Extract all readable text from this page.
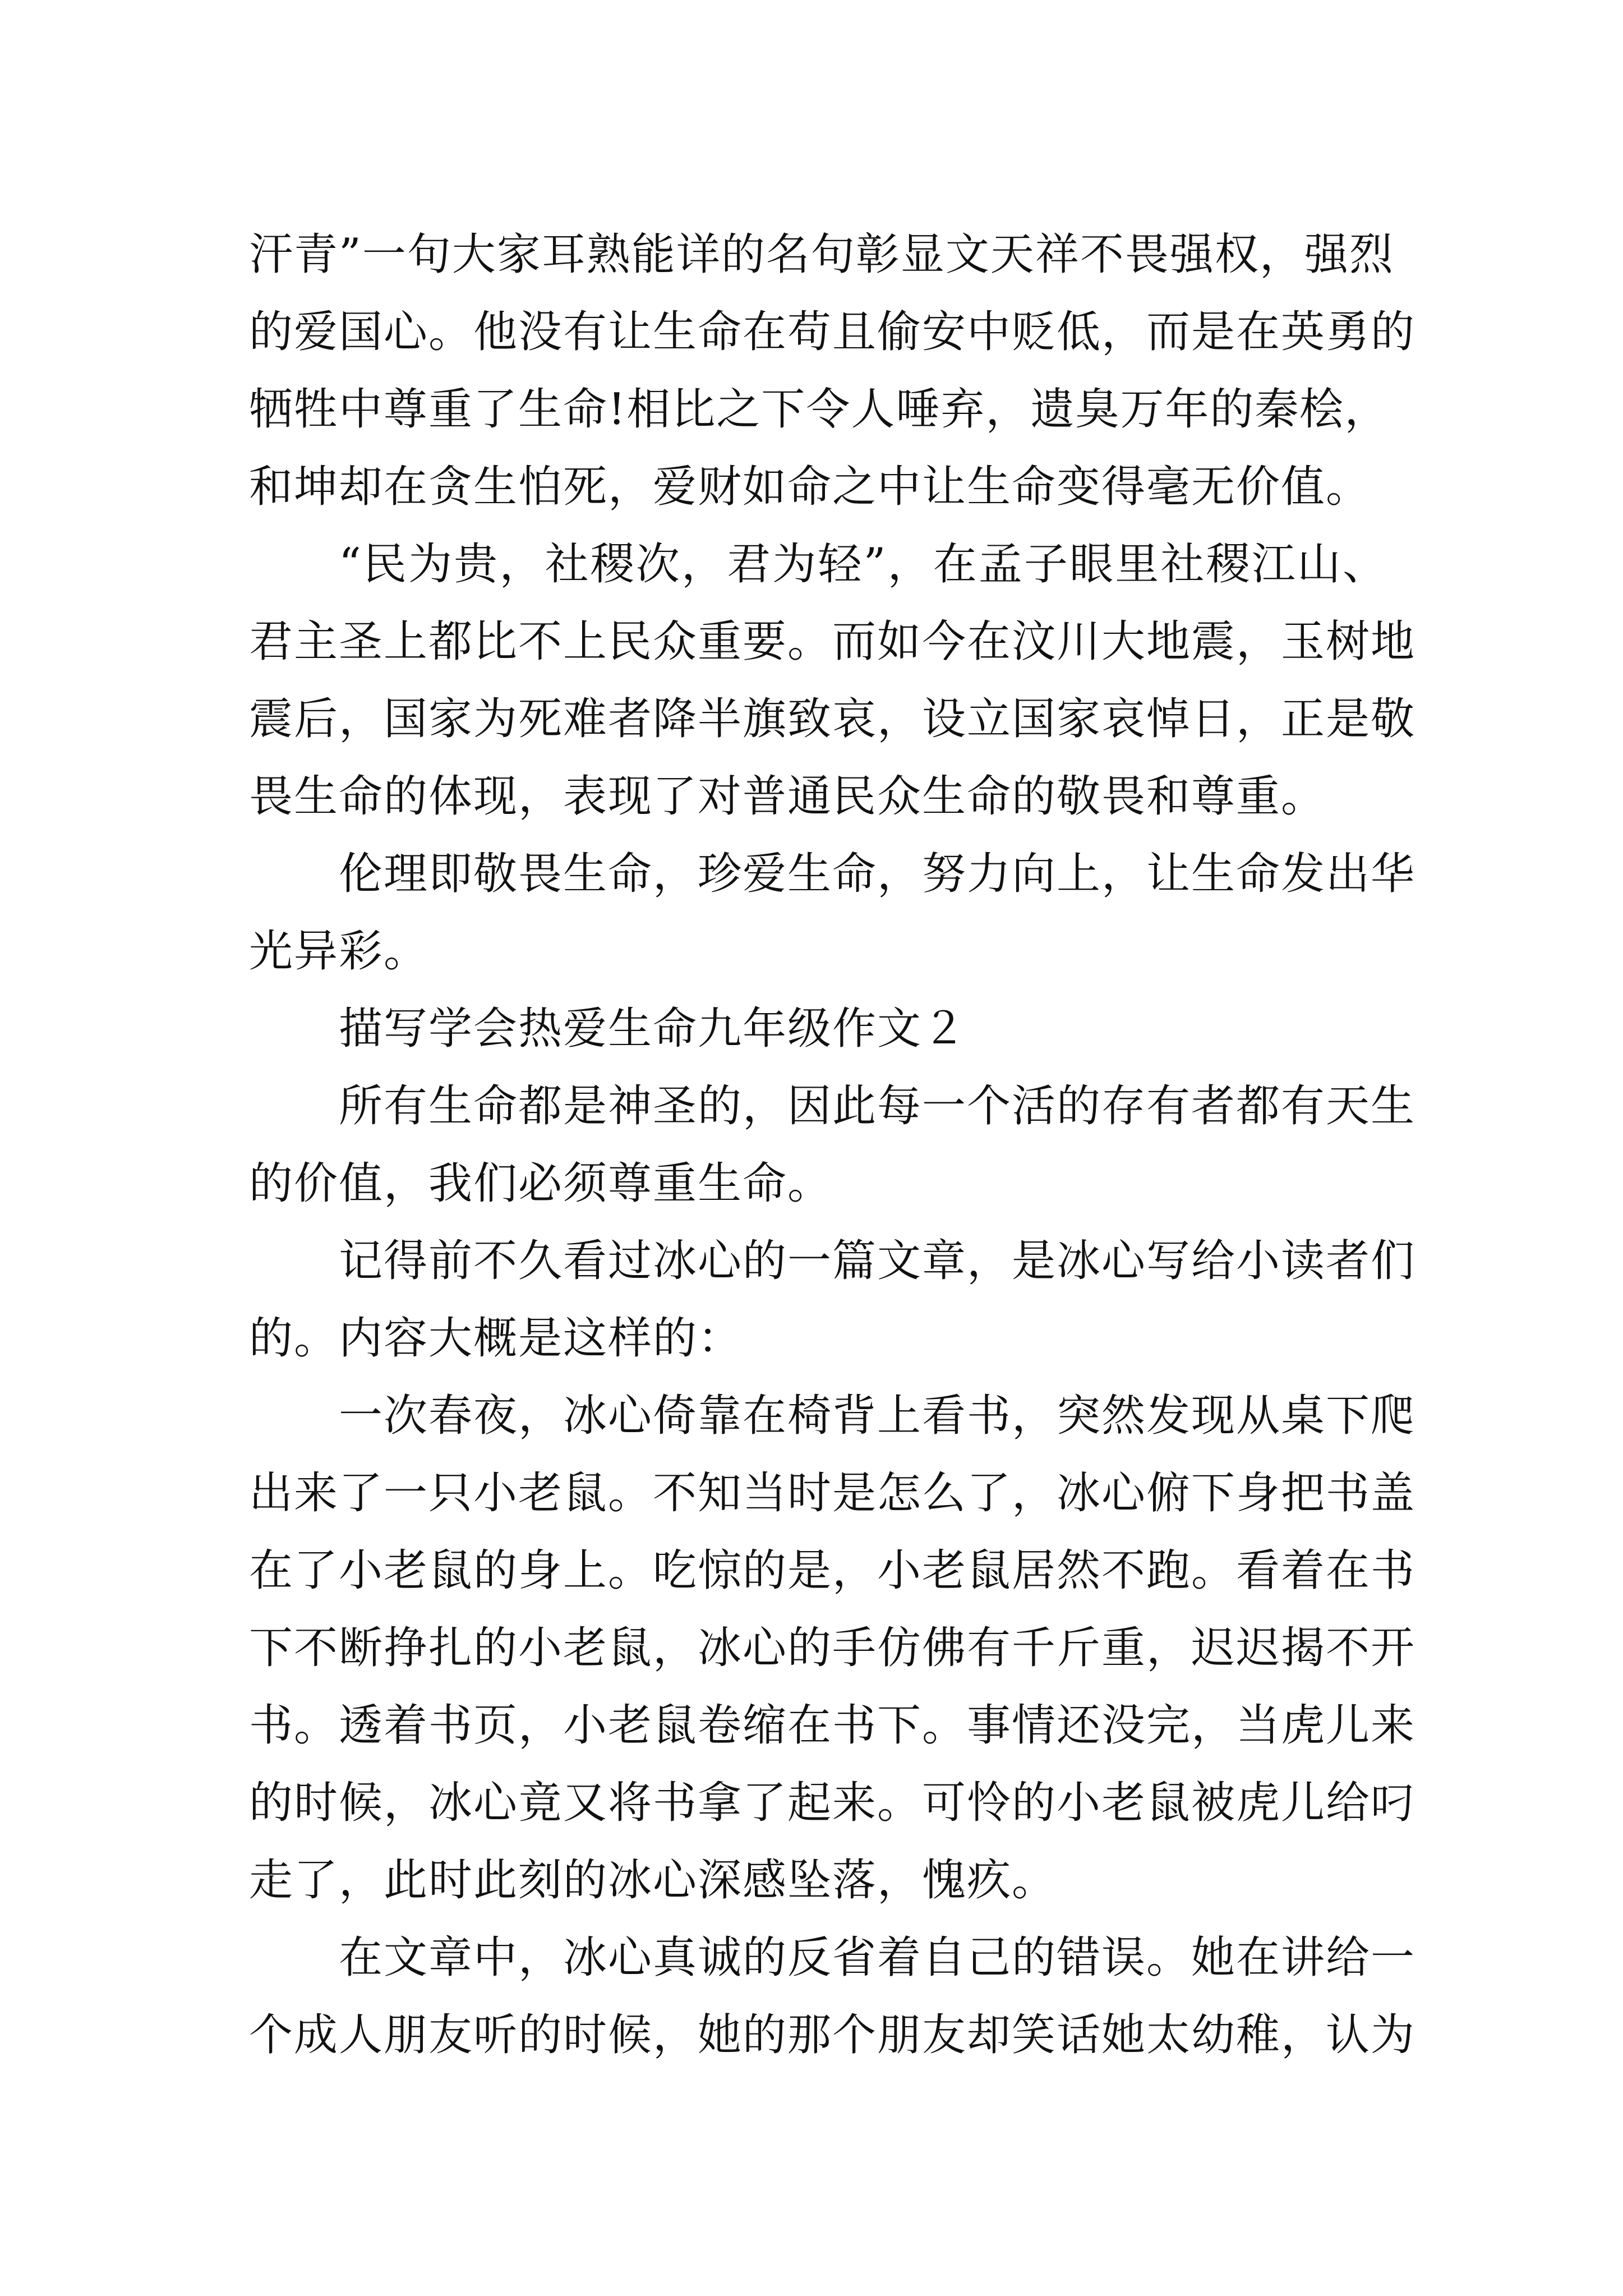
汗青”一句大家耳熟能详的名句彰显文天祥不畏强权，强烈
的爱国心。他没有让生命在苟且偷安中贬低，而是在英勇的
牺牲中尊重了生命!相比之下令人唾弃，遗臭万年的秦桧，
和坤却在贪生怕死，爱财如命之中让生命变得毫无价值。
“民为贵，社稷次，君为轻”，在孟子眼里社稷江山、
君主圣上都比不上民众重要。而如今在汶川大地震，玉树地
震后，国家为死难者降半旗致哀，设立国家哀悼日，正是敬
畏生命的体现，表现了对普通民众生命的敬畏和尊重。
伦理即敬畏生命，珍爱生命，努力向上，让生命发出华
光异彩。
描写学会热爱生命九年级作文２
所有生命都是神圣的，因此每一个活的存有者都有天生
的价值，我们必须尊重生命。
记得前不久看过冰心的一篇文章，是冰心写给小读者们
的。内容大概是这样的：
一次春夜，冰心倚靠在椅背上看书，突然发现从桌下爬
出来了一只小老鼠。不知当时是怎么了，冰心俯下身把书盖
在了小老鼠的身上。吃惊的是，小老鼠居然不跑。看着在书
下不断挣扎的小老鼠，冰心的手仿佛有千斤重，迟迟揭不开
书。透着书页，小老鼠卷缩在书下。事情还没完，当虎儿来
的时候，冰心竟又将书拿了起来。可怜的小老鼠被虎儿给叼
走了，此时此刻的冰心深感坠落，愧疚。
在文章中，冰心真诚的反省着自己的错误。她在讲给一
个成人朋友听的时候，她的那个朋友却笑话她太幼稚，认为
